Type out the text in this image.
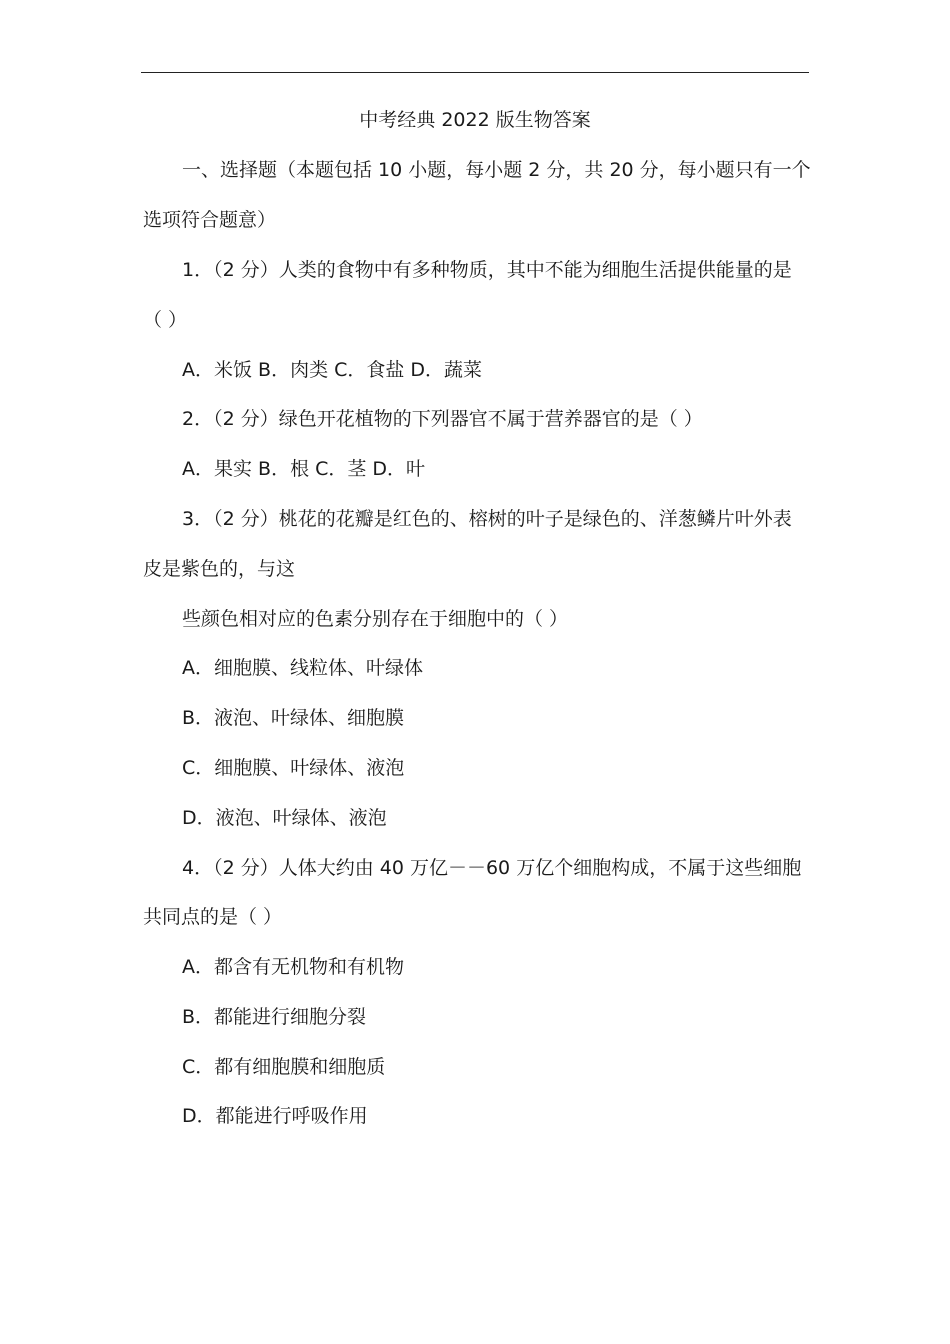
中考经典 2022 版生物答案
一、选择题（本题包括 10 小题，每小题 2 分，共 20 分，每小题只有一个
选项符合题意）
1．（2 分）人类的食物中有多种物质，其中不能为细胞生活提供能量的是
（ ）
A．米饭 B．肉类 C．食盐 D．蔬菜
2．（2 分）绿色开花植物的下列器官不属于营养器官的是（ ）
A．果实 B．根 C．茎 D．叶
3．（2 分）桃花的花瓣是红色的、榕树的叶子是绿色的、洋葱鳞片叶外表
皮是紫色的，与这
些颜色相对应的色素分别存在于细胞中的（ ）
A．细胞膜、线粒体、叶绿体
B．液泡、叶绿体、细胞膜
C．细胞膜、叶绿体、液泡
D．液泡、叶绿体、液泡
4．（2 分）人体大约由 40 万亿－－60 万亿个细胞构成，不属于这些细胞
共同点的是（ ）
A．都含有无机物和有机物
B．都能进行细胞分裂
C．都有细胞膜和细胞质
D．都能进行呼吸作用
